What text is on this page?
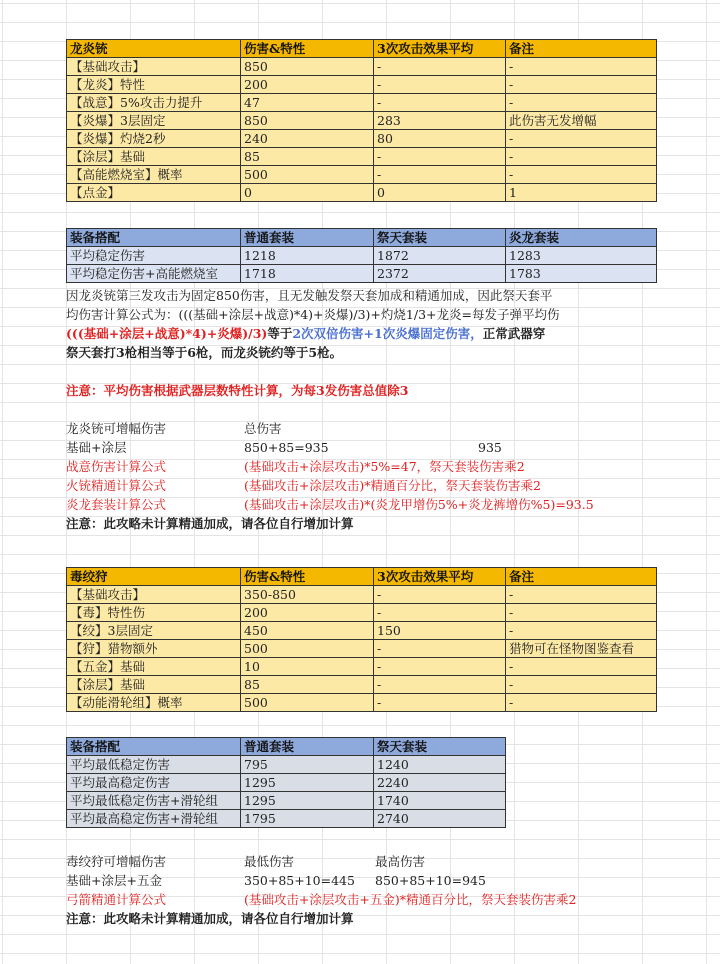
龙炎铳	伤害&特性	3次攻击效果平均	备注
【基础攻击】	850	-	-
【龙炎】特性	200	-	-
【战意】5%攻击力提升	47	-	-
【炎爆】3层固定	850	283	此伤害无发增幅
【炎爆】灼烧2秒	240	80	-
【涂层】基础	85	-	-
【高能燃烧室】概率	500	-	-
【点金】	0	0	1
装备搭配	普通套装	祭天套装	炎龙套装
平均稳定伤害	1218	1872	1283
平均稳定伤害+高能燃烧室	1718	2372	1783
因龙炎铳第三发攻击为固定850伤害，且无发触发祭天套加成和精通加成，因此祭天套平
均伤害计算公式为：(((基础+涂层+战意)*4)+炎爆)/3)+灼烧1/3+龙炎=每发子弹平均伤
(((基础+涂层+战意)*4)+炎爆)/3)等于2次双倍伤害+1次炎爆固定伤害，正常武器穿
祭天套打3枪相当等于6枪，而龙炎铳约等于5枪。
注意：平均伤害根据武器层数特性计算，为每3发伤害总值除3
龙炎铳可增幅伤害	总伤害
基础+涂层	850+85=935	935
战意伤害计算公式	(基础攻击+涂层攻击)*5%=47，祭天套装伤害乘2
火铳精通计算公式	(基础攻击+涂层攻击)*精通百分比，祭天套装伤害乘2
炎龙套装计算公式	(基础攻击+涂层攻击)*(炎龙甲增伤5%+炎龙裤增伤%5)=93.5
注意：此攻略未计算精通加成，请各位自行增加计算
毒绞狩	伤害&特性	3次攻击效果平均	备注
【基础攻击】	350-850	-	-
【毒】特性伤	200	-	-
【绞】3层固定	450	150	-
【狩】猎物额外	500	-	猎物可在怪物图鉴查看
【五金】基础	10	-	-
【涂层】基础	85	-	-
【动能滑轮组】概率	500	-	-
装备搭配	普通套装	祭天套装
平均最低稳定伤害	795	1240
平均最高稳定伤害	1295	2240
平均最低稳定伤害+滑轮组	1295	1740
平均最高稳定伤害+滑轮组	1795	2740
毒绞狩可增幅伤害	最低伤害	最高伤害
基础+涂层+五金	350+85+10=445 850+85+10=945
弓箭精通计算公式	(基础攻击+涂层攻击+五金)*精通百分比，祭天套装伤害乘2
注意：此攻略未计算精通加成，请各位自行增加计算
